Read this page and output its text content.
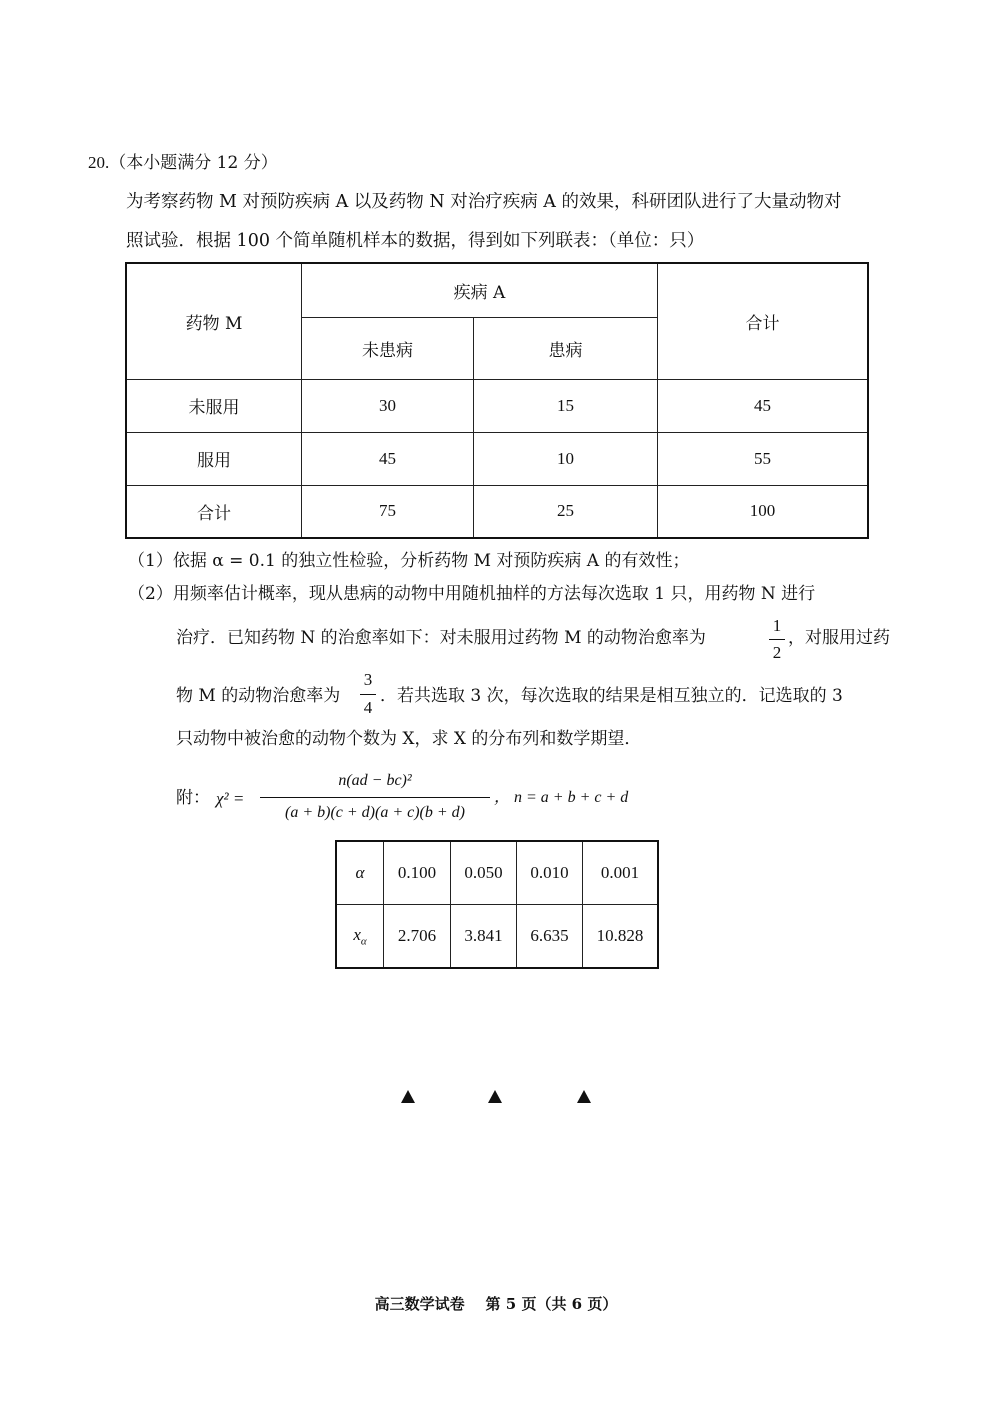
20.（本小题满分 12 分）
为考察药物 M 对预防疾病 A 以及药物 N 对治疗疾病 A 的效果，科研团队进行了大量动物对
照试验．根据 100 个简单随机样本的数据，得到如下列联表：（单位：只）
药物 M	疾病 A		合计
	未患病	患病	
未服用	30	15	45
服用	45	10	55
合计	75	25	100
（1）依据 α = 0.1 的独立性检验，分析药物 M 对预防疾病 A 的有效性；
（2）用频率估计概率，现从患病的动物中用随机抽样的方法每次选取 1 只，用药物 N 进行
治疗．已知药物 N 的治愈率如下：对未服用过药物 M 的动物治愈率为
1
2
，对服用过药
物 M 的动物治愈率为
3
4
．若共选取 3 次，每次选取的结果是相互独立的．记选取的 3
只动物中被治愈的动物个数为 X，求 X 的分布列和数学期望．
附： χ² =
n(ad − bc)²
(a + b)(c + d)(a + c)(b + d)
， n = a + b + c + d
α	0.100	0.050	0.010	0.001
$x_\alpha$	2.706	3.841	6.635	10.828
高三数学试卷    第 5 页（共 6 页）
